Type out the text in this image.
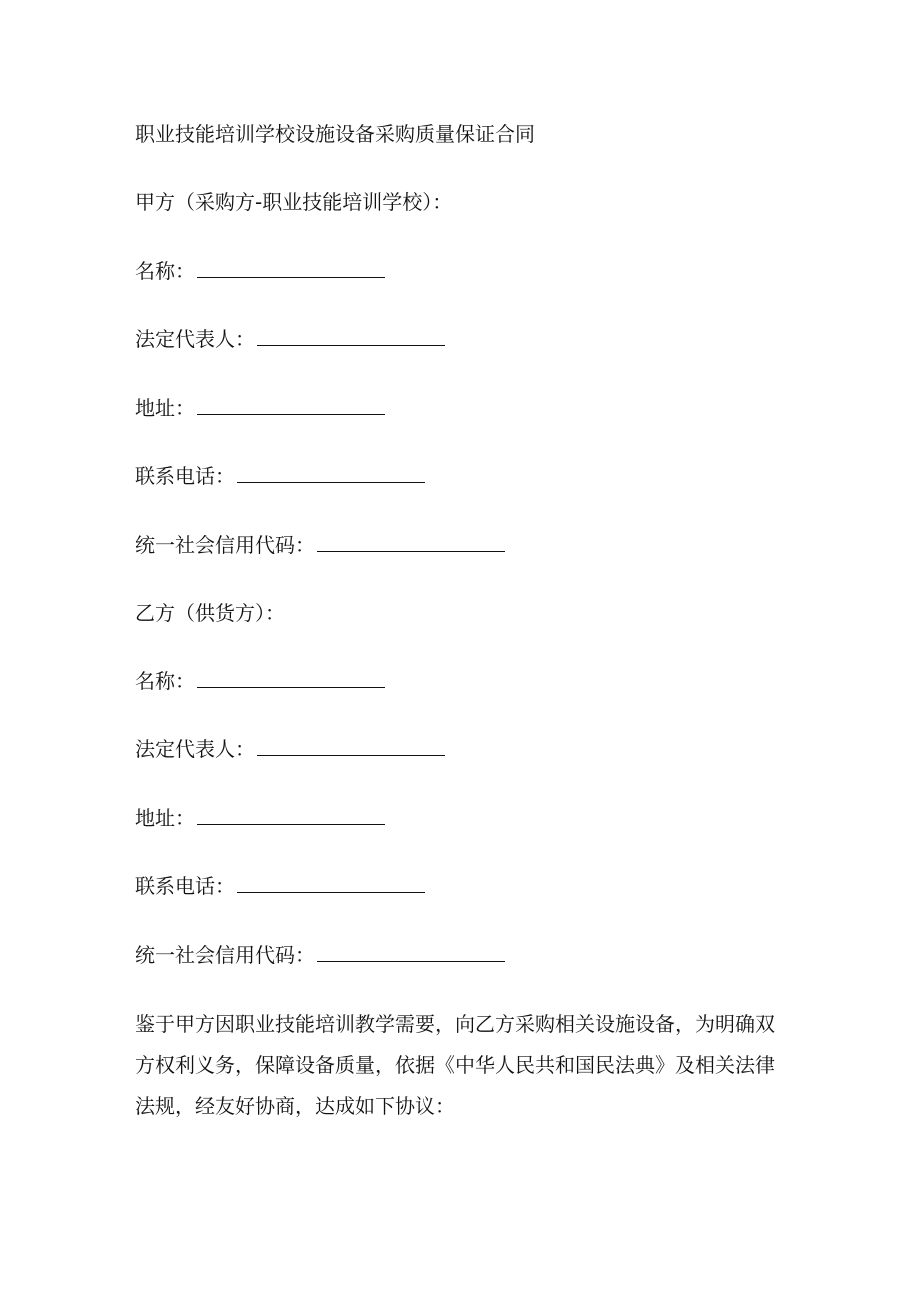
职业技能培训学校设施设备采购质量保证合同
甲方（采购方-职业技能培训学校）：
名称：
法定代表人：
地址：
联系电话：
统一社会信用代码：
乙方（供货方）：
名称：
法定代表人：
地址：
联系电话：
统一社会信用代码：
鉴于甲方因职业技能培训教学需要，向乙方采购相关设施设备，为明确双方权利义务，保障设备质量，依据《中华人民共和国民法典》及相关法律法规，经友好协商，达成如下协议：
